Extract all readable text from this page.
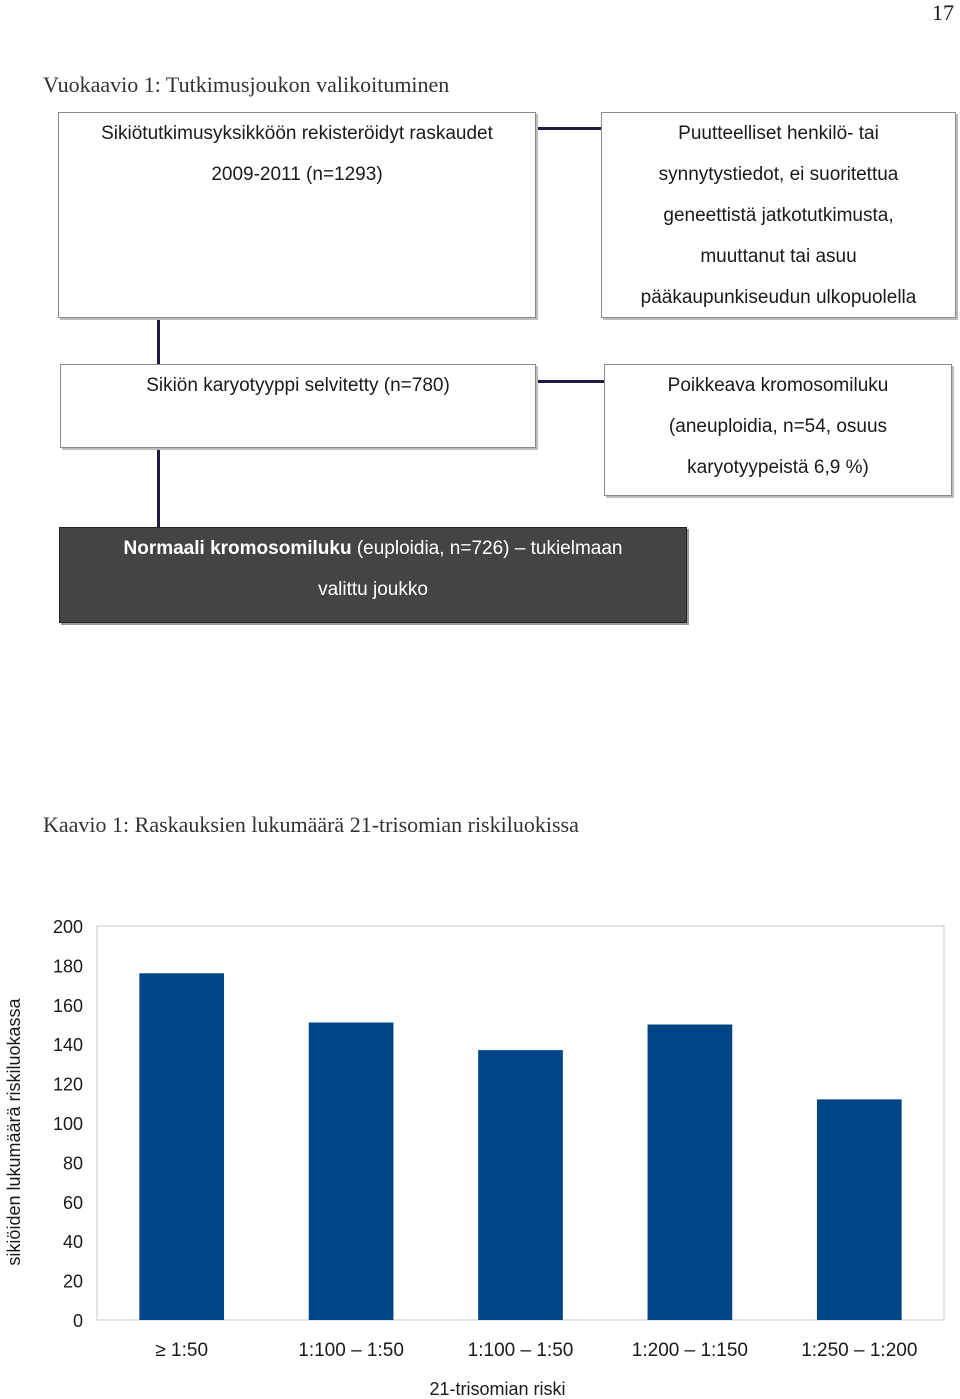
17
Vuokaavio 1: Tutkimusjoukon valikoituminen
Sikiötutkimusyksikköön rekisteröidyt raskaudet
2009-2011 (n=1293)
Puutteelliset henkilö- tai
synnytystiedot, ei suoritettua
geneettistä jatkotutkimusta,
muuttanut tai asuu
pääkaupunkiseudun ulkopuolella
Sikiön karyotyyppi selvitetty (n=780)	Poikkeava kromosomiluku
(aneuploidia, n=54, osuus
karyotyypeistä 6,9 %)
Normaali kromosomiluku (euploidia, n=726) – tukielmaan
valittu joukko
Kaavio 1: Raskauksien lukumäärä 21-trisomian riskiluokissa
0
20
40
60
80
100
120
140
160
180
200
≥ 1:50	1:100 – 1:50	1:100 – 1:50	1:200 – 1:150	1:250 – 1:200
21-trisomian riski
sikiöiden lukumäärä riskiluokassa
